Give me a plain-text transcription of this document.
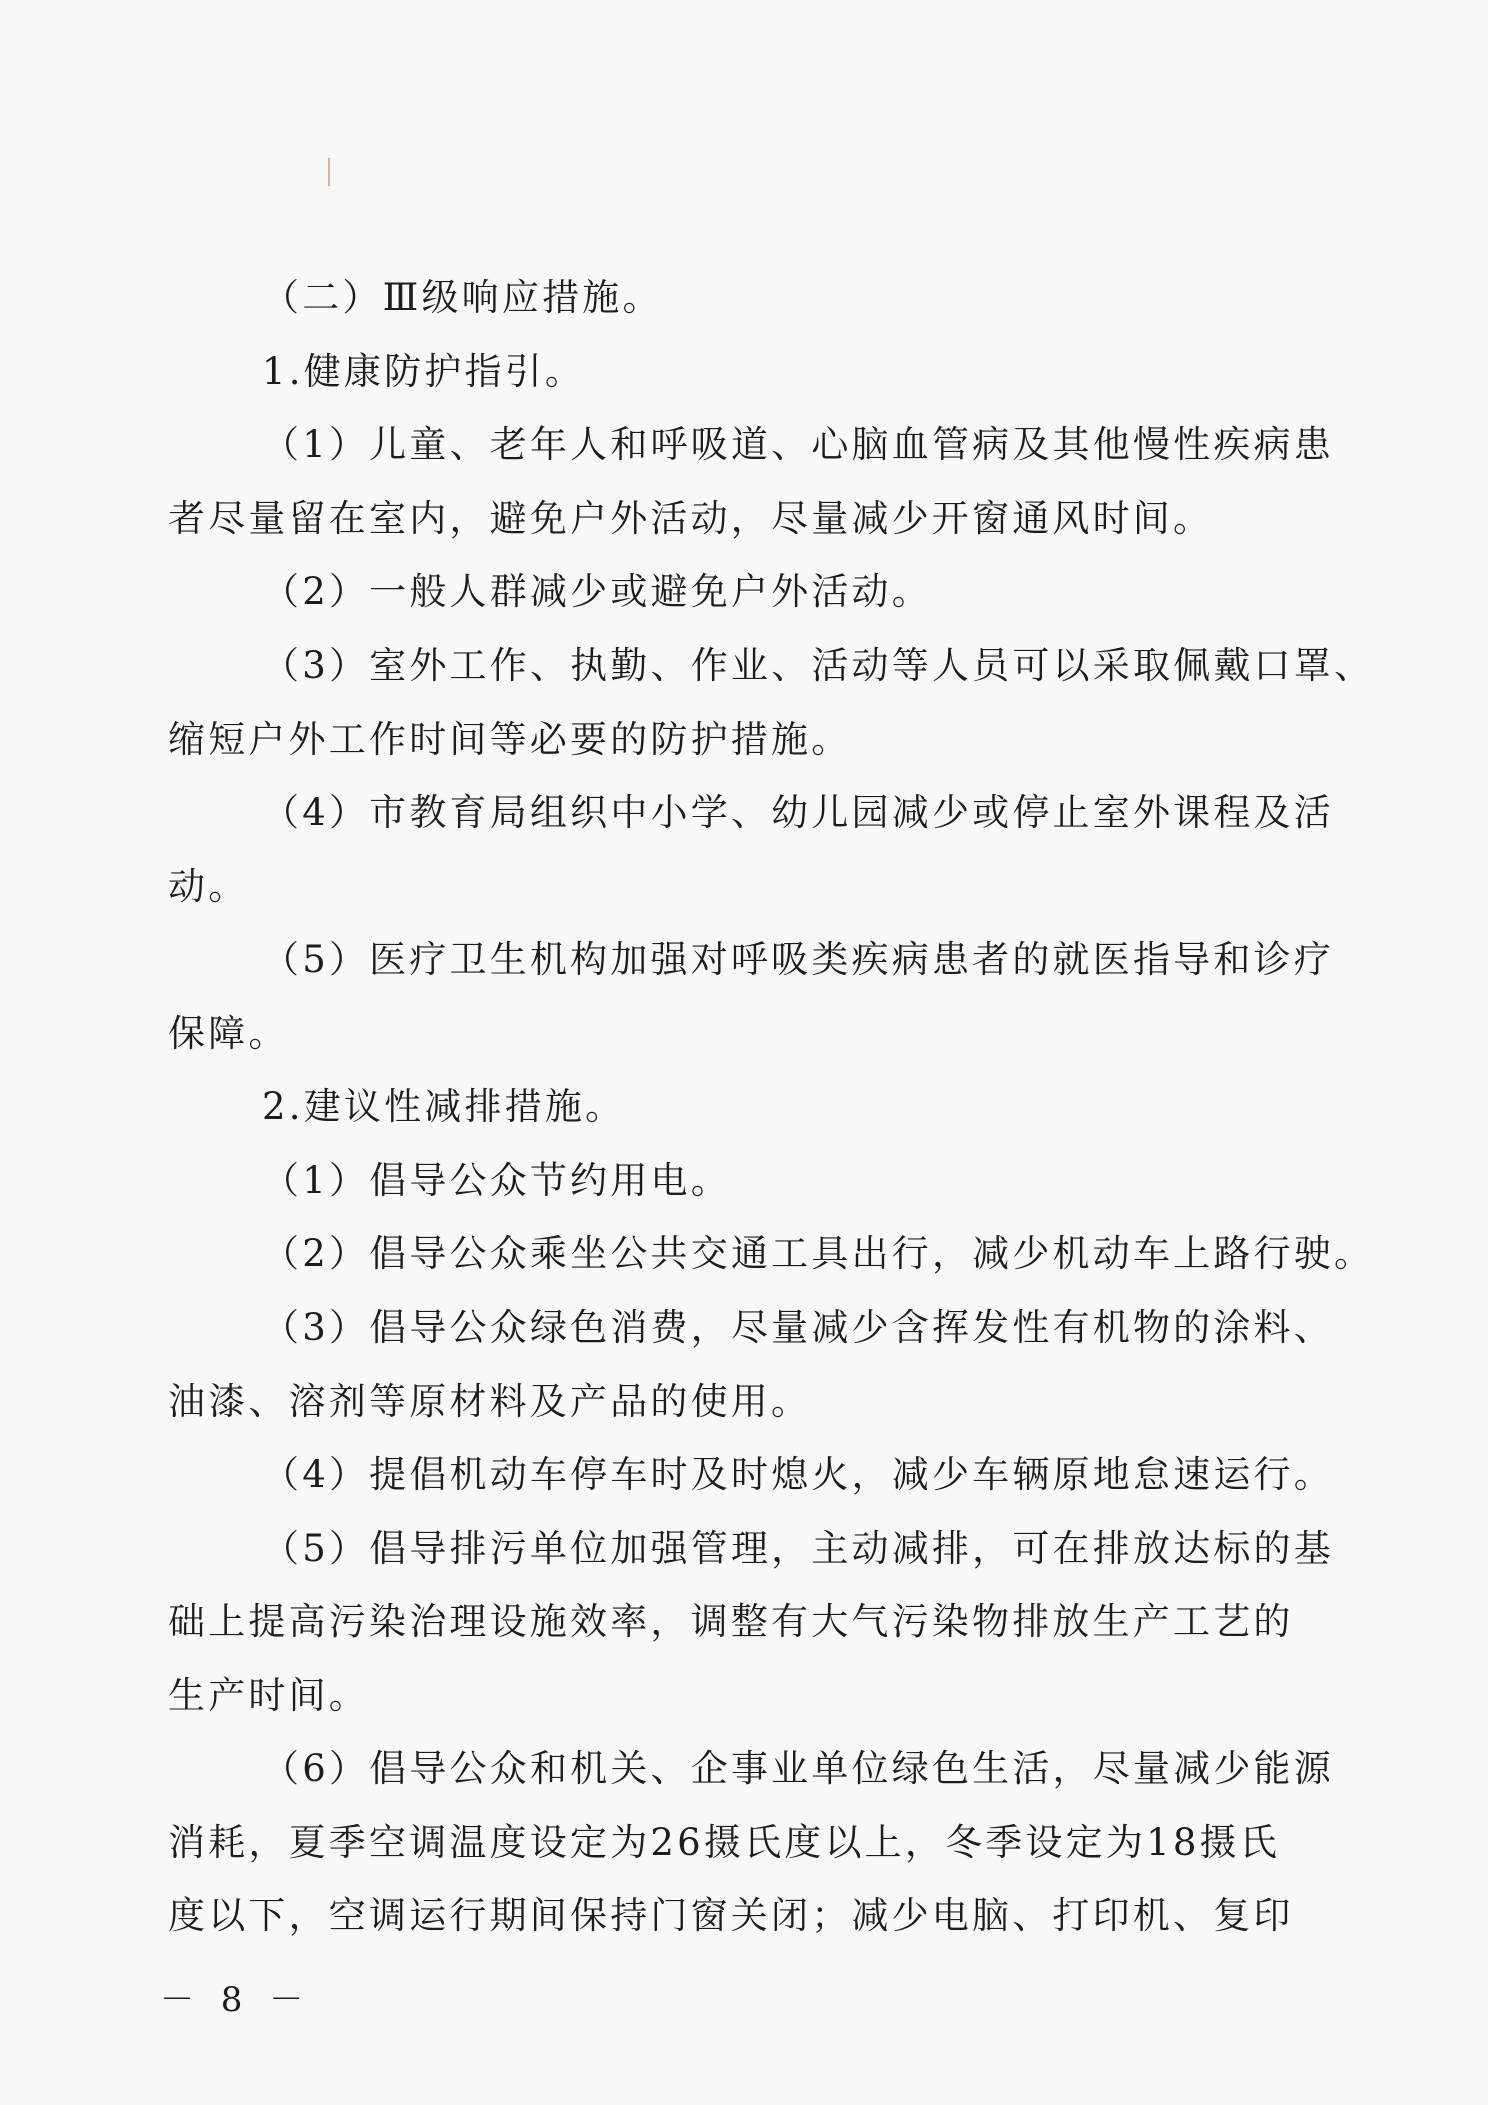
（二）Ⅲ级响应措施。
1.健康防护指引。
（1）儿童、老年人和呼吸道、心脑血管病及其他慢性疾病患
者尽量留在室内，避免户外活动，尽量减少开窗通风时间。
（2）一般人群减少或避免户外活动。
（3）室外工作、执勤、作业、活动等人员可以采取佩戴口罩、
缩短户外工作时间等必要的防护措施。
（4）市教育局组织中小学、幼儿园减少或停止室外课程及活
动。
（5）医疗卫生机构加强对呼吸类疾病患者的就医指导和诊疗
保障。
2.建议性减排措施。
（1）倡导公众节约用电。
（2）倡导公众乘坐公共交通工具出行，减少机动车上路行驶。
（3）倡导公众绿色消费，尽量减少含挥发性有机物的涂料、
油漆、溶剂等原材料及产品的使用。
（4）提倡机动车停车时及时熄火，减少车辆原地怠速运行。
（5）倡导排污单位加强管理，主动减排，可在排放达标的基
础上提高污染治理设施效率，调整有大气污染物排放生产工艺的
生产时间。
（6）倡导公众和机关、企事业单位绿色生活，尽量减少能源
消耗，夏季空调温度设定为26摄氏度以上，冬季设定为18摄氏
度以下，空调运行期间保持门窗关闭；减少电脑、打印机、复印
－ 8 －
